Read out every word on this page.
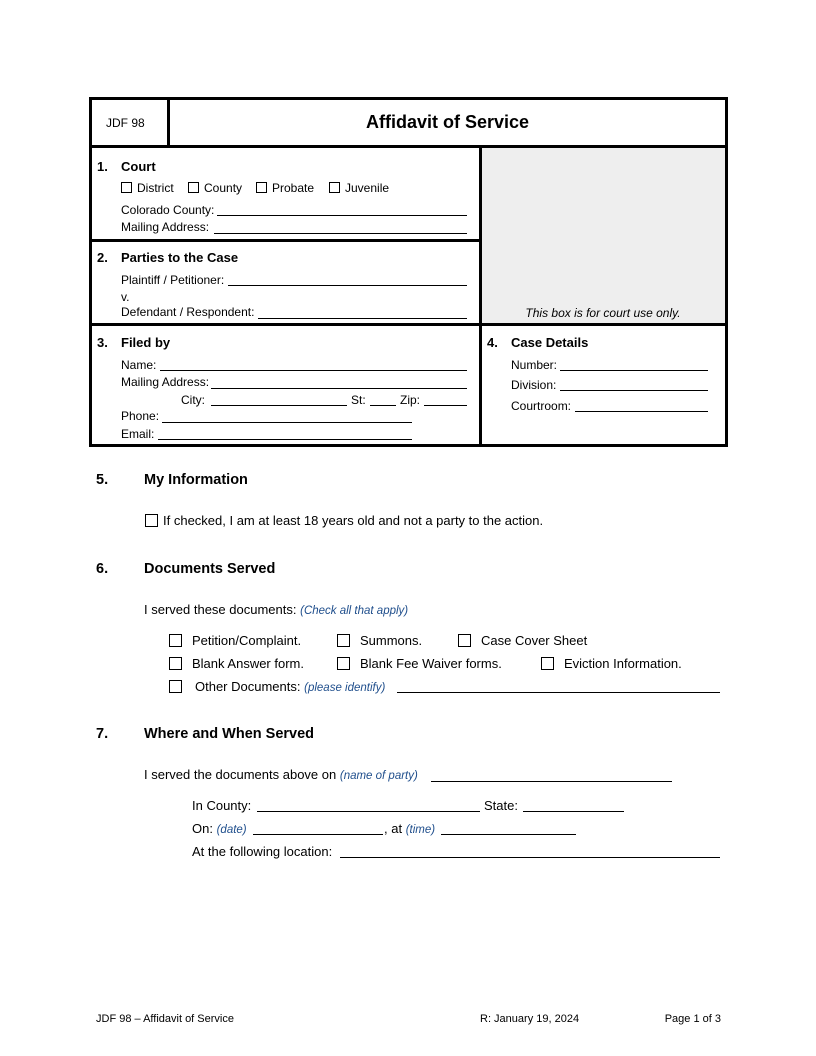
JDF 98	Affidavit of Service
This box is for court use only.
1. Court
District	County Probate	Juvenile
Colorado County:
Mailing Address:
2. Parties to the Case
Plaintiff / Petitioner:
v.
Defendant / Respondent:
3. Filed by
Name:
Mailing Address:
City:	St:	Zip:
Phone:
Email:
4. Case Details
Number:
Division:
Courtroom:
5. My Information
If checked, I am at least 18 years old and not a party to the action.
6. Documents Served
I served these documents: (Check all that apply)
Petition/Complaint.	Summons.	Case Cover Sheet
Blank Answer form.	Blank Fee Waiver forms.	Eviction Information.
Other Documents: (please identify)
7. Where and When Served
I served the documents above on (name of party)
In County:	State:
On: (date)	, at (time)
At the following location:
JDF 98 – Affidavit of Service	R: January 19, 2024	Page 1 of 3
